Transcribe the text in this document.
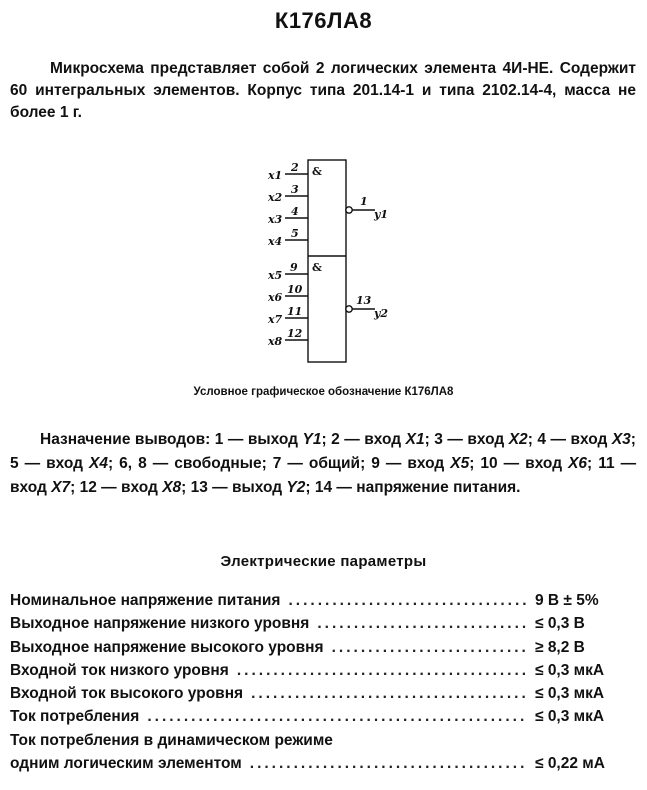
К176ЛА8
Микросхема представляет собой 2 логических элемента 4И-НЕ. Содержит 60 интегральных элементов. Корпус типа 201.14-1 и типа 2102.14-4, масса не более 1 г.
&
&
x1
x2
x3
x4
2
3
4
5
x5
x6
x7
x8
9
10
11
12
1
y1
13
y2
Условное графическое обозначение К176ЛА8
Назначение выводов: 1 — выход Y1; 2 — вход X1; 3 — вход X2; 4 — вход X3; 5 — вход X4; 6, 8 — свободные; 7 — общий; 9 — вход X5; 10 — вход X6; 11 — вход X7; 12 — вход X8; 13 — выход Y2; 14 — напряжение питания.
Электрические параметры
Номинальное напряжение питания .....	9 В ± 5%
Выходное напряжение низкого уровня .....	≤ 0,3 В
Выходное напряжение высокого уровня .....	≥ 8,2 В
Входной ток низкого уровня .....	≤ 0,3 мкА
Входной ток высокого уровня .....	≤ 0,3 мкА
Ток потребления .....	≤ 0,3 мкА
Ток потребления в динамическом режиме
одним логическим элементом .....	≤ 0,22 мА
